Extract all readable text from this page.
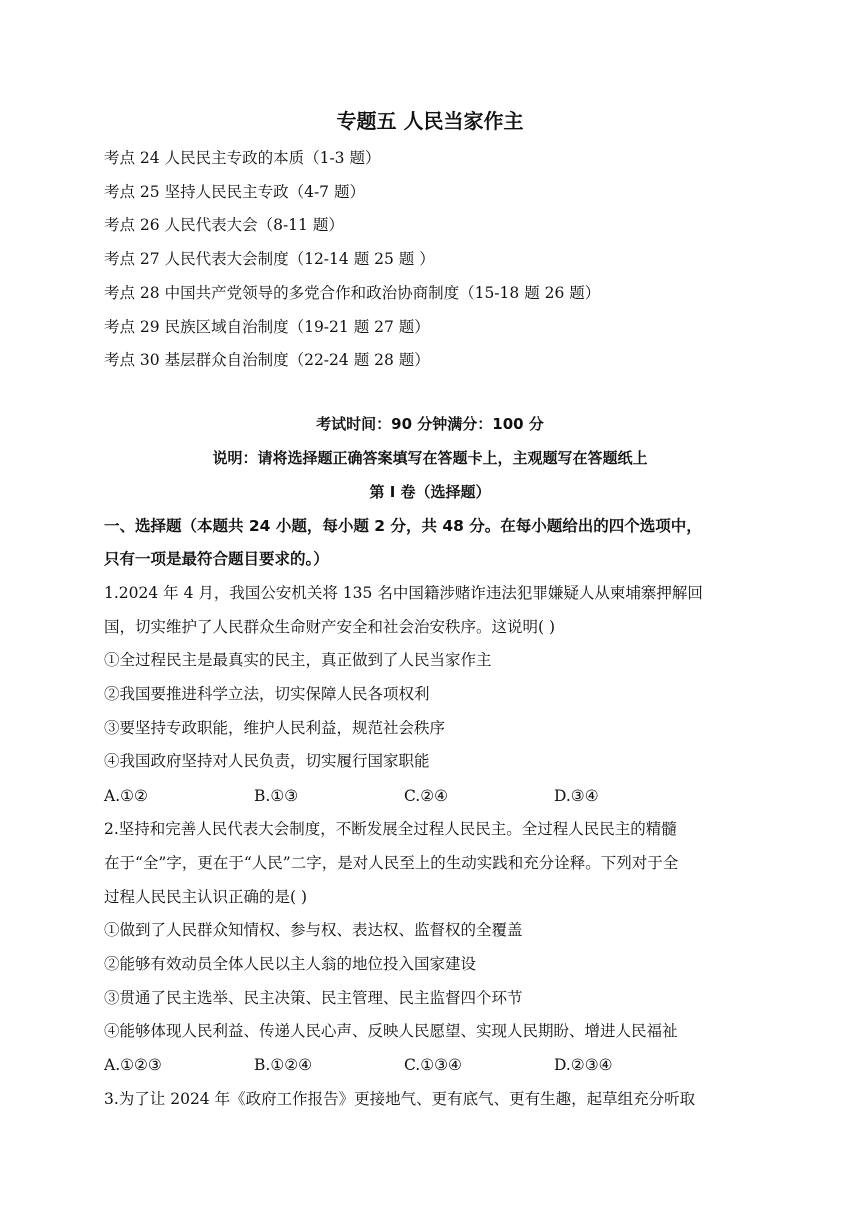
专题五 人民当家作主
考点 24 人民民主专政的本质（1-3 题）
考点 25 坚持人民民主专政（4-7 题）
考点 26 人民代表大会（8-11 题）
考点 27 人民代表大会制度（12-14 题 25 题 ）
考点 28 中国共产党领导的多党合作和政治协商制度（15-18 题 26 题）
考点 29 民族区域自治制度（19-21 题 27 题）
考点 30 基层群众自治制度（22-24 题 28 题）
考试时间：90 分钟满分：100 分
说明：请将选择题正确答案填写在答题卡上，主观题写在答题纸上
第 I 卷（选择题）
一、选择题（本题共 24 小题，每小题 2 分，共 48 分。在每小题给出的四个选项中，
只有一项是最符合题目要求的。）
1.2024 年 4 月，我国公安机关将 135 名中国籍涉赌诈违法犯罪嫌疑人从柬埔寨押解回
国，切实维护了人民群众生命财产安全和社会治安秩序。这说明( )
①全过程民主是最真实的民主，真正做到了人民当家作主
②我国要推进科学立法，切实保障人民各项权利
③要坚持专政职能，维护人民利益，规范社会秩序
④我国政府坚持对人民负责，切实履行国家职能
A.①②	B.①③	C.②④	D.③④
2.坚持和完善人民代表大会制度，不断发展全过程人民民主。全过程人民民主的精髓
在于“全”字，更在于“人民”二字，是对人民至上的生动实践和充分诠释。下列对于全
过程人民民主认识正确的是( )
①做到了人民群众知情权、参与权、表达权、监督权的全覆盖
②能够有效动员全体人民以主人翁的地位投入国家建设
③贯通了民主选举、民主决策、民主管理、民主监督四个环节
④能够体现人民利益、传递人民心声、反映人民愿望、实现人民期盼、增进人民福祉
A.①②③	B.①②④	C.①③④	D.②③④
3.为了让 2024 年《政府工作报告》更接地气、更有底气、更有生趣，起草组充分听取
